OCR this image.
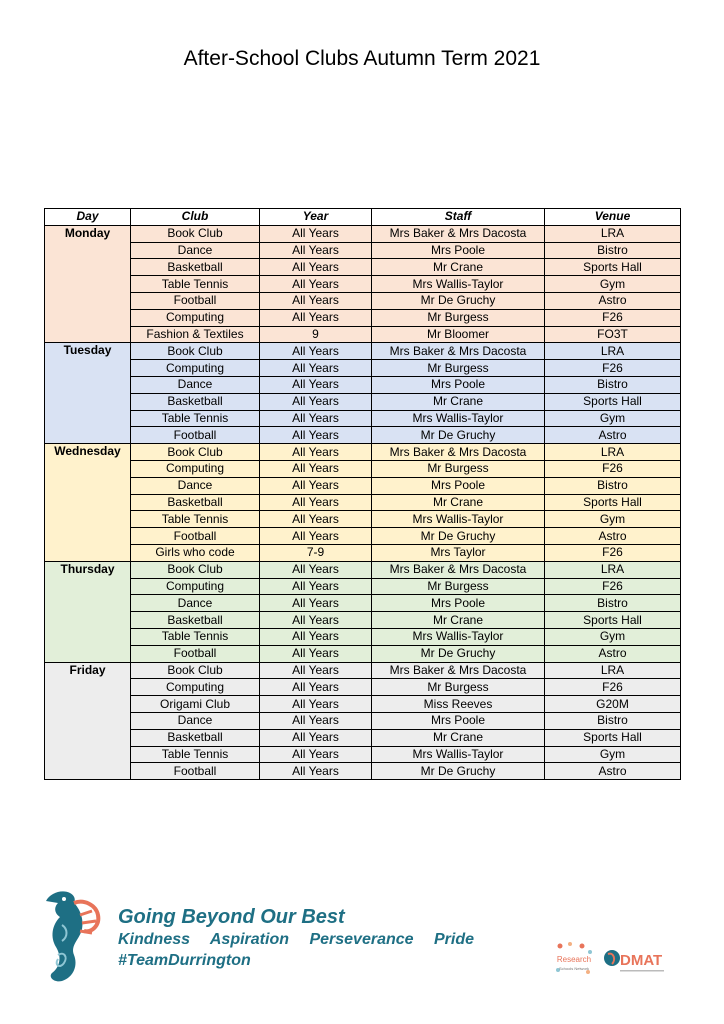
After-School Clubs Autumn Term 2021
Day	Club	Year	Staff	Venue
Monday	Book Club	All Years	Mrs Baker & Mrs Dacosta	LRA
	Dance	All Years	Mrs Poole	Bistro
	Basketball	All Years	Mr Crane	Sports Hall
	Table Tennis	All Years	Mrs Wallis-Taylor	Gym
	Football	All Years	Mr De Gruchy	Astro
	Computing	All Years	Mr Burgess	F26
	Fashion & Textiles	9	Mr Bloomer	FO3T
Tuesday	Book Club	All Years	Mrs Baker & Mrs Dacosta	LRA
	Computing	All Years	Mr Burgess	F26
	Dance	All Years	Mrs Poole	Bistro
	Basketball	All Years	Mr Crane	Sports Hall
	Table Tennis	All Years	Mrs Wallis-Taylor	Gym
	Football	All Years	Mr De Gruchy	Astro
Wednesday	Book Club	All Years	Mrs Baker & Mrs Dacosta	LRA
	Computing	All Years	Mr Burgess	F26
	Dance	All Years	Mrs Poole	Bistro
	Basketball	All Years	Mr Crane	Sports Hall
	Table Tennis	All Years	Mrs Wallis-Taylor	Gym
	Football	All Years	Mr De Gruchy	Astro
	Girls who code	7-9	Mrs Taylor	F26
Thursday	Book Club	All Years	Mrs Baker & Mrs Dacosta	LRA
	Computing	All Years	Mr Burgess	F26
	Dance	All Years	Mrs Poole	Bistro
	Basketball	All Years	Mr Crane	Sports Hall
	Table Tennis	All Years	Mrs Wallis-Taylor	Gym
	Football	All Years	Mr De Gruchy	Astro
Friday	Book Club	All Years	Mrs Baker & Mrs Dacosta	LRA
	Computing	All Years	Mr Burgess	F26
	Origami Club	All Years	Miss Reeves	G20M
	Dance	All Years	Mrs Poole	Bistro
	Basketball	All Years	Mr Crane	Sports Hall
	Table Tennis	All Years	Mrs Wallis-Taylor	Gym
	Football	All Years	Mr De Gruchy	Astro
Going Beyond Our Best
Kindness Aspiration Perseverance Pride
#TeamDurrington	Research
Schools Network DMAT
